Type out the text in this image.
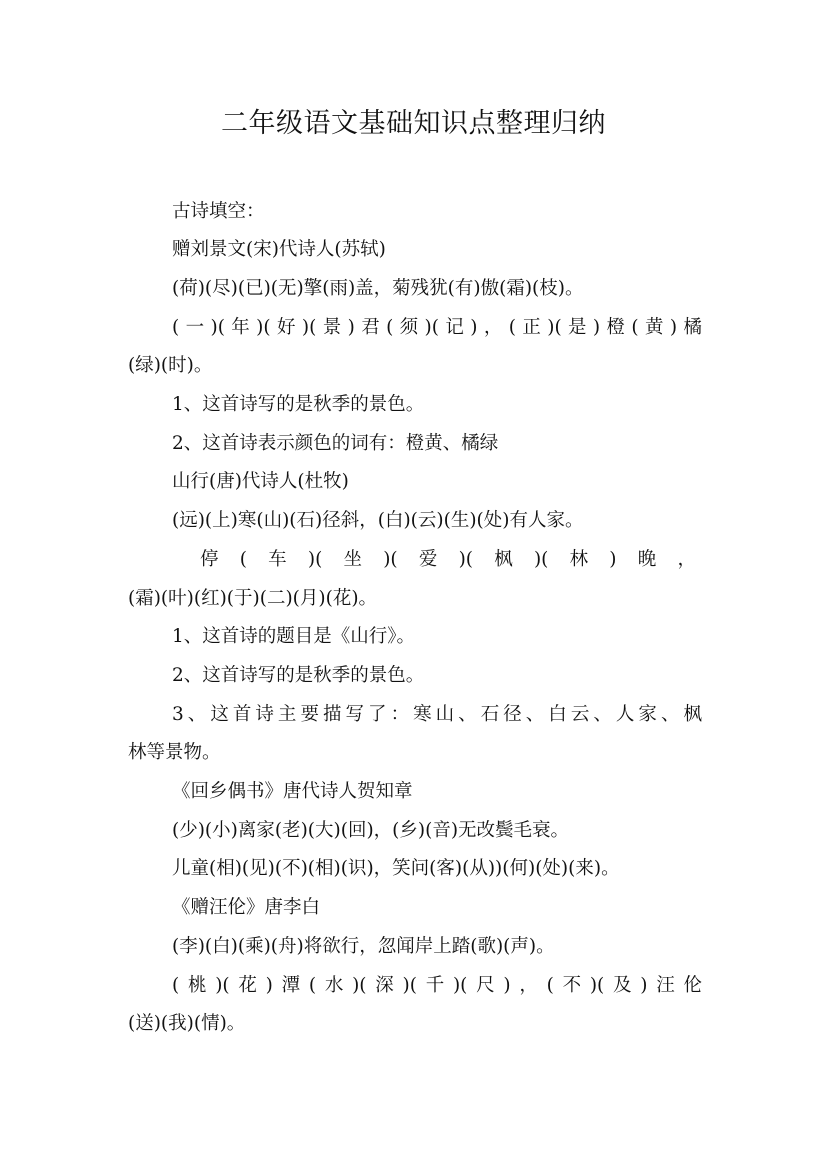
二年级语文基础知识点整理归纳
古诗填空：
赠刘景文(宋)代诗人(苏轼)
(荷)(尽)(已)(无)擎(雨)盖，菊残犹(有)傲(霜)(枝)。
(一)(年)(好)(景)君(须)(记)，(正)(是)橙(黄)橘
(绿)(时)。
1、这首诗写的是秋季的景色。
2、这首诗表示颜色的词有：橙黄、橘绿
山行(唐)代诗人(杜牧)
(远)(上)寒(山)(石)径斜，(白)(云)(生)(处)有人家。
停 ( 车 )( 坐 )( 爱 )( 枫 )( 林 ) 晚 ，
(霜)(叶)(红)(于)(二)(月)(花)。
1、这首诗的题目是《山行》。
2、这首诗写的是秋季的景色。
3、这首诗主要描写了：寒山、石径、白云、人家、枫
林等景物。
《回乡偶书》唐代诗人贺知章
(少)(小)离家(老)(大)(回)，(乡)(音)无改鬓毛衰。
儿童(相)(见)(不)(相)(识)，笑问(客)(从))(何)(处)(来)。
《赠汪伦》唐李白
(李)(白)(乘)(舟)将欲行，忽闻岸上踏(歌)(声)。
(桃)(花)潭(水)(深)(千)(尺)，(不)(及)汪伦
(送)(我)(情)。
